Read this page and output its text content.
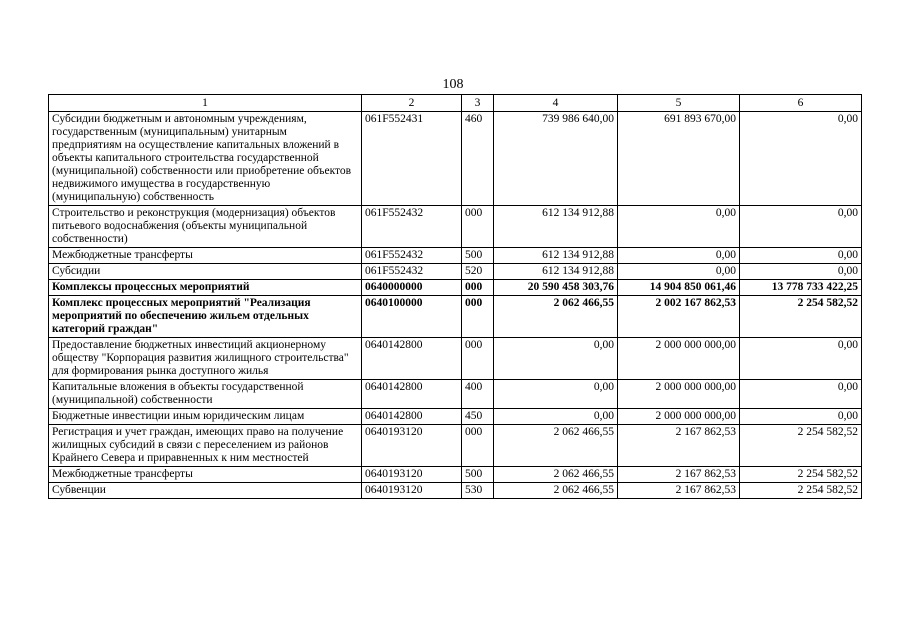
108
1	2	3	4	5	6
Субсидии бюджетным и автономным учреждениям, государственным (муниципальным) унитарным предприятиям на осуществление капитальных вложений в объекты капитального строительства государственной (муниципальной) собственности или приобретение объектов недвижимого имущества в государственную (муниципальную) собственность	061F552431	460	739 986 640,00	691 893 670,00	0,00
Строительство и реконструкция (модернизация) объектов питьевого водоснабжения (объекты муниципальной собственности)	061F552432	000	612 134 912,88	0,00	0,00
Межбюджетные трансферты	061F552432	500	612 134 912,88	0,00	0,00
Субсидии	061F552432	520	612 134 912,88	0,00	0,00
Комплексы процессных мероприятий	0640000000	000	20 590 458 303,76	14 904 850 061,46	13 778 733 422,25
Комплекс процессных мероприятий "Реализация мероприятий по обеспечению жильем отдельных категорий граждан"	0640100000	000	2 062 466,55	2 002 167 862,53	2 254 582,52
Предоставление бюджетных инвестиций акционерному обществу "Корпорация развития жилищного строительства" для формирования рынка доступного жилья	0640142800	000	0,00	2 000 000 000,00	0,00
Капитальные вложения в объекты государственной (муниципальной) собственности	0640142800	400	0,00	2 000 000 000,00	0,00
Бюджетные инвестиции иным юридическим лицам	0640142800	450	0,00	2 000 000 000,00	0,00
Регистрация и учет граждан, имеющих право на получение жилищных субсидий в связи с переселением из районов Крайнего Севера и приравненных к ним местностей	0640193120	000	2 062 466,55	2 167 862,53	2 254 582,52
Межбюджетные трансферты	0640193120	500	2 062 466,55	2 167 862,53	2 254 582,52
Субвенции	0640193120	530	2 062 466,55	2 167 862,53	2 254 582,52
